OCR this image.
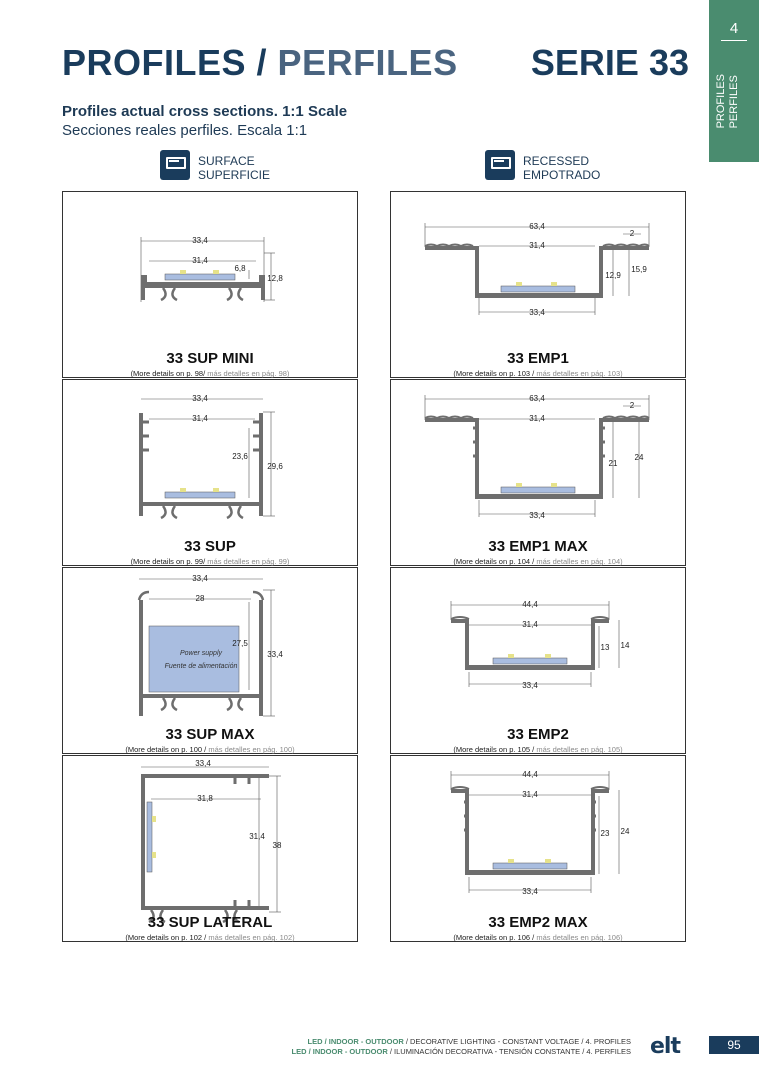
PROFILES / PERFILES SERIE 33
4
PROFILES
PERFILES
Profiles actual cross sections. 1:1 Scale
Secciones reales perfiles. Escala 1:1
SURFACE
SUPERFICIE
RECESSED
EMPOTRADO
33,4
31,4
6,8
12,8
33 SUP MINI
(More details on p. 98/ más detalles en pág. 98)
63,4
2
31,4
12,9
15,9
33,4
33 EMP1
(More details on p. 103 / más detalles en pág. 103)
33,4
31,4
23,6
29,6
33 SUP
(More details on p. 99/ más detalles en pág. 99)
63,4
2
31,4
21
24
33,4
33 EMP1 MAX
(More details on p. 104 / más detalles en pág. 104)
Power supply
Fuente de alimentación
33,4
28
27,5
33,4
33 SUP MAX
(More details on p. 100 / más detalles en pág. 100)
44,4
31,4
13 14
33,4
33 EMP2
(More details on p. 105 / más detalles en pág. 105)
33,4
31,8
31,4
38
33 SUP LATERAL
(More details on p. 102 / más detalles en pág. 102)
44,4
31,4
23 24
33,4
33 EMP2 MAX
(More details on p. 106 / más detalles en pág. 106)
LED / INDOOR - OUTDOOR / DECORATIVE LIGHTING - CONSTANT VOLTAGE / 4. PROFILES
LED / INDOOR - OUTDOOR / ILUMINACIÓN DECORATIVA - TENSIÓN CONSTANTE / 4. PERFILES elt	95
